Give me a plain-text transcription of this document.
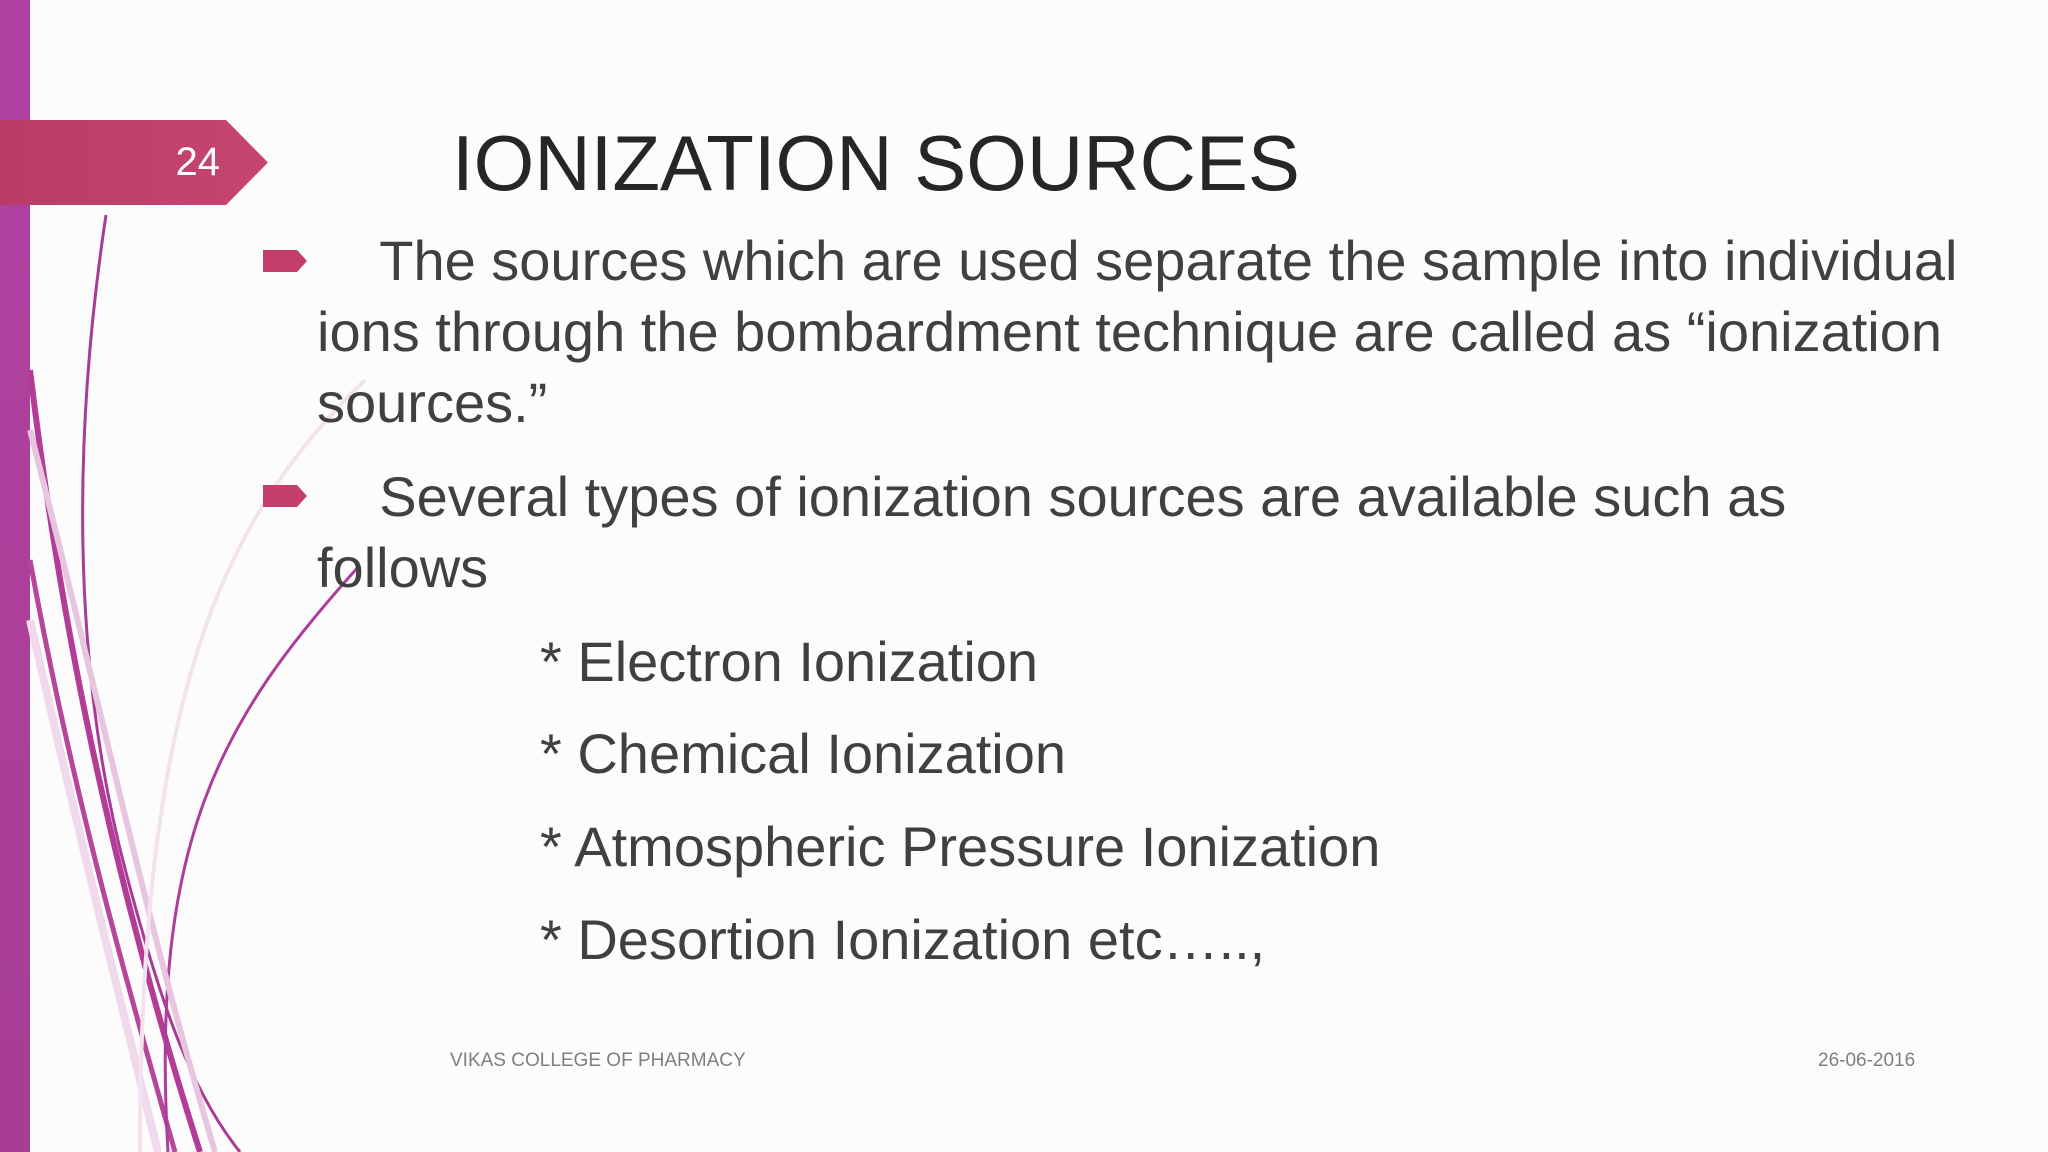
24	IONIZATION SOURCES
The sources which are used separate the sample into individual ions through the bombardment technique are called as “ionization sources.”
Several types of ionization sources are available such as follows
* Electron Ionization
* Chemical Ionization
* Atmospheric Pressure Ionization
* Desortion Ionization etc…..,
VIKAS COLLEGE OF PHARMACY	26-06-2016
